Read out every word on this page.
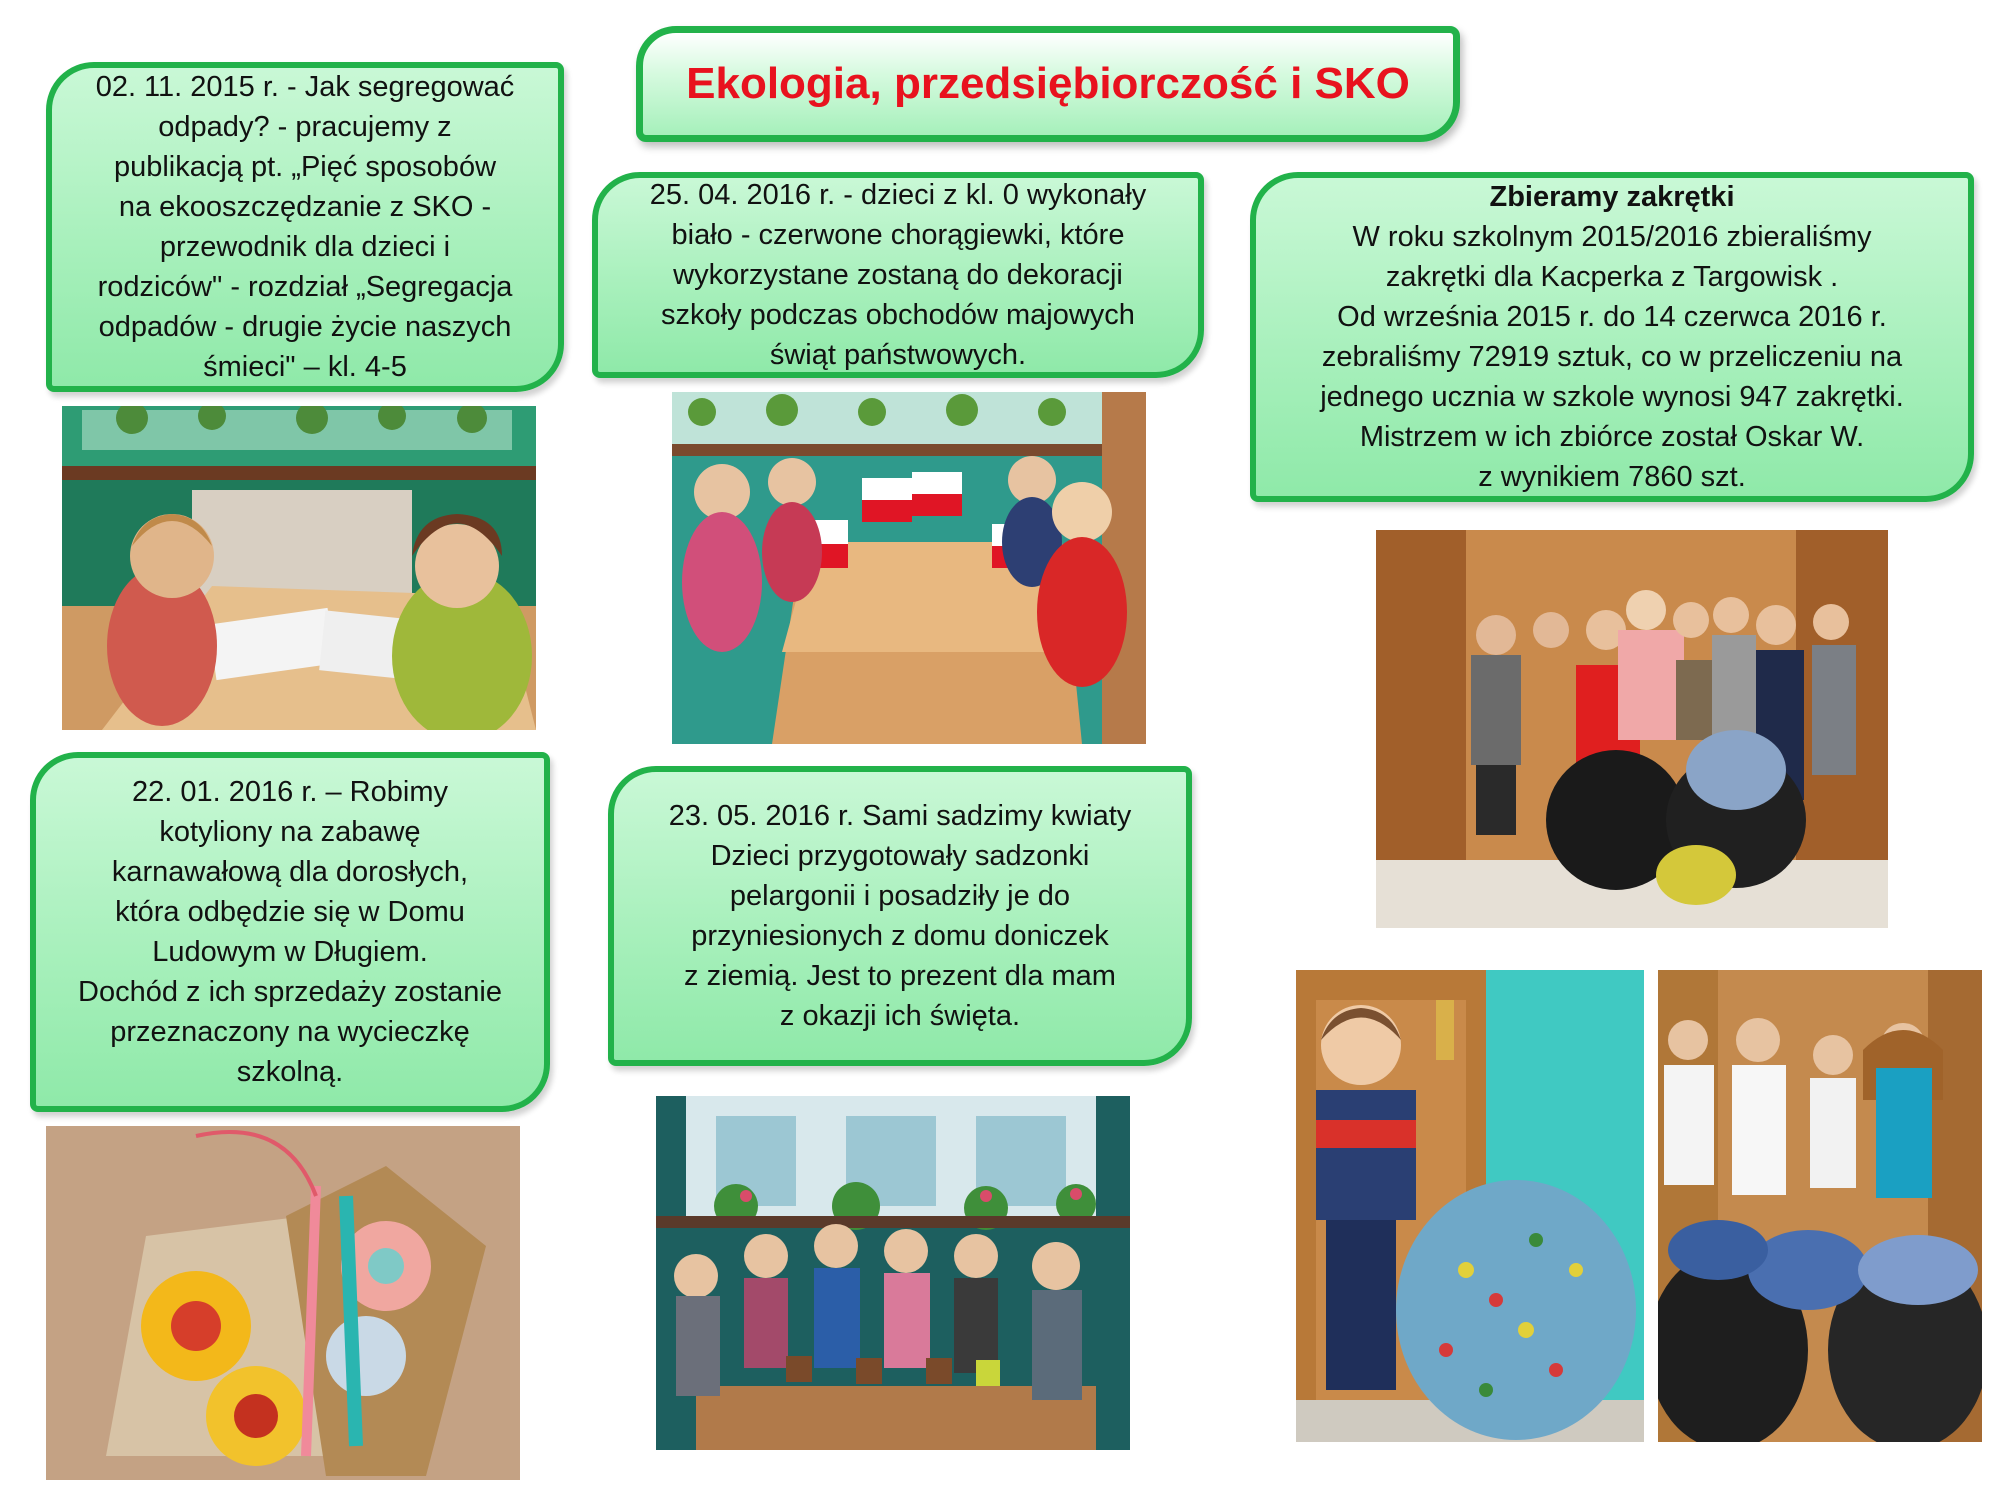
Ekologia, przedsiębiorczość i SKO
02. 11. 2015 r. - Jak segregować
odpady? - pracujemy z
publikacją pt. „Pięć sposobów
na ekooszczędzanie z SKO -
przewodnik dla dzieci i
rodziców" - rozdział „Segregacja
odpadów - drugie życie naszych
śmieci" – kl. 4-5
25. 04. 2016 r. - dzieci z kl. 0 wykonały
biało - czerwone chorągiewki, które
wykorzystane zostaną do dekoracji
szkoły podczas obchodów majowych
świąt państwowych.
Zbieramy zakrętki
W roku szkolnym 2015/2016 zbieraliśmy
zakrętki dla Kacperka z Targowisk .
Od września 2015 r. do 14 czerwca 2016 r.
zebraliśmy 72919 sztuk, co w przeliczeniu na
jednego ucznia w szkole wynosi 947 zakrętki.
Mistrzem w ich zbiórce został Oskar W.
z wynikiem 7860 szt.
22. 01. 2016 r. – Robimy
kotyliony na zabawę
karnawałową dla dorosłych,
która odbędzie się w Domu
Ludowym w Długiem.
Dochód z ich sprzedaży zostanie
przeznaczony na wycieczkę
szkolną.
23. 05. 2016 r. Sami sadzimy kwiaty
Dzieci przygotowały sadzonki
pelargonii i posadziły je do
przyniesionych z domu doniczek
z ziemią. Jest to prezent dla mam
z okazji ich święta.
